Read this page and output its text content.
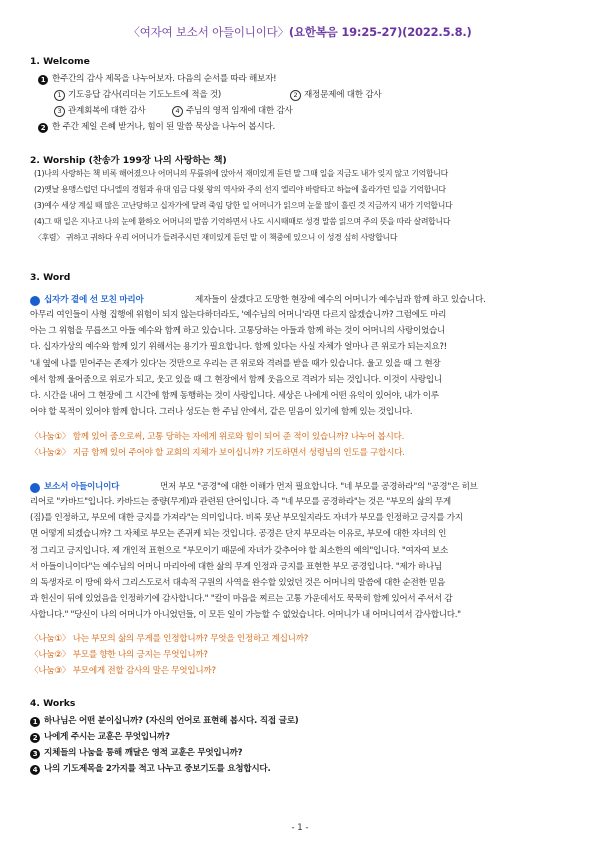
〈여자여 보소서 아들이니이다〉(요한복음 19:25-27)(2022.5.8.)
1. Welcome
1 한주간의 감사 제목을 나누어보자. 다음의 순서를 따라 해보자!
1 기도응답 감사(리더는 기도노트에 적을 것)	2 재정문제에 대한 감사
3 관계회복에 대한 감사	4 주님의 영적 임재에 대한 감사
2 한 주간 제일 은혜 받거나, 힘이 된 말씀 묵상을 나누어 봅시다.
2. Worship (찬송가 199장 나의 사랑하는 책)
(1)나의 사랑하는 책 비록 해어졌으나 어머니의 무릎위에 앉아서 재미있게 듣던 말 그때 일을 지금도 내가 잊지 않고 기억합니다
(2)옛날 용맹스럽던 다니엘의 경험과 유대 임금 다윗 왕의 역사와 주의 선지 엘리야 바람타고 하늘에 올라가던 일을 기억합니다
(3)예수 세상 계실 때 많은 고난당하고 십자가에 달려 죽임 당한 일 어머니가 읽으며 눈물 많이 흘린 것 지금까지 내가 기억합니다
(4)그 때 일은 지나고 나의 눈에 환하오 어머니의 말씀 기억하면서 나도 시시때때로 성경 말씀 읽으며 주의 뜻을 따라 살려합니다
〈후렴〉 귀하고 귀하다 우리 어머니가 들려주시던 재미있게 듣던 말 이 책중에 있으니 이 성경 심히 사랑합니다
3. Word
1 십자가 곁에 선 모친 마리아	제자들이 살겠다고 도망한 현장에 예수의 어머니가 예수님과 함께 하고 있습니다.
아무리 여인들이 사형 집행에 위험이 되지 않는다하더라도, '예수님의 어머니'라면 다르지 않겠습니까? 그럼에도 마리
아는 그 위험을 무릅쓰고 아들 예수와 함께 하고 있습니다. 고통당하는 아들과 함께 하는 것이 어머니의 사랑이었습니
다. 십자가상의 예수와 함께 있기 위해서는 용기가 필요합니다. 함께 있다는 사실 자체가 얼마나 큰 위로가 되는지요?!
'내 옆에 나를 믿어주는 존재가 있다'는 것만으로 우리는 큰 위로와 격려를 받을 때가 있습니다. 울고 있을 때 그 현장
에서 함께 울어줌으로 위로가 되고, 웃고 있을 때 그 현장에서 함께 웃음으로 격려가 되는 것입니다. 이것이 사랑입니
다. 시간을 내어 그 현장에 그 시간에 함께 동행하는 것이 사랑입니다. 세상은 나에게 어떤 유익이 있어야, 내가 이루
어야 할 목적이 있어야 함께 합니다. 그러나 성도는 한 주님 안에서, 같은 믿음이 있기에 함께 있는 것입니다.
〈나눔①〉 함께 있어 줌으로써, 고통 당하는 자에게 위로와 힘이 되어 준 적이 있습니까? 나누어 봅시다.
〈나눔②〉 지금 함께 있어 주어야 할 교회의 지체가 보이십니까? 기도하면서 성령님의 인도를 구합시다.
2 보소서 아들이니이다	먼저 부모 "공경"에 대한 이해가 먼저 필요합니다. "네 부모를 공경하라"의 "공경"은 히브
리어로 "카바드"입니다. 카바드는 중량(무게)과 관련된 단어입니다. 즉 "네 부모를 공경하라"는 것은 "부모의 삶의 무게
(짐)를 인정하고, 부모에 대한 긍지를 가져라"는 의미입니다. 비록 못난 부모일지라도 자녀가 부모를 인정하고 긍지를 가지
면 어떻게 되겠습니까? 그 자체로 부모는 존귀케 되는 것입니다. 공경은 단지 부모라는 이유로, 부모에 대한 자녀의 인
정 그리고 긍지입니다. 제 개인적 표현으로 "부모이기 때문에 자녀가 갖추어야 할 최소한의 예의"입니다. "여자여 보소
서 아들이니이다"는 예수님의 어머니 마리아에 대한 삶의 무게 인정과 긍지를 표현한 부모 공경입니다. "제가 하나님
의 독생자로 이 땅에 와서 그리스도로서 대속적 구원의 사역을 완수할 있었던 것은 어머니의 말씀에 대한 순전한 믿음
과 헌신이 뒤에 있었음을 인정하기에 감사합니다." "칼이 마음을 찌르는 고통 가운데서도 묵묵히 함께 있어서 주셔서 감
사합니다." "당신이 나의 어머니가 아니었던들, 이 모든 일이 가능할 수 없었습니다. 어머니가 내 어머니여서 감사합니다."
〈나눔①〉 나는 부모의 삶의 무게를 인정합니까? 무엇을 인정하고 계십니까?
〈나눔②〉 부모를 향한 나의 긍지는 무엇입니까?
〈나눔③〉 부모에게 전할 감사의 말은 무엇입니까?
4. Works
1 하나님은 어떤 분이십니까? (자신의 언어로 표현해 봅시다. 직접 글로)
2 나에게 주시는 교훈은 무엇입니까?
3 지체들의 나눔을 통해 깨달은 영적 교훈은 무엇입니까?
4 나의 기도제목을 2가지를 적고 나누고 중보기도를 요청합시다.
- 1 -
